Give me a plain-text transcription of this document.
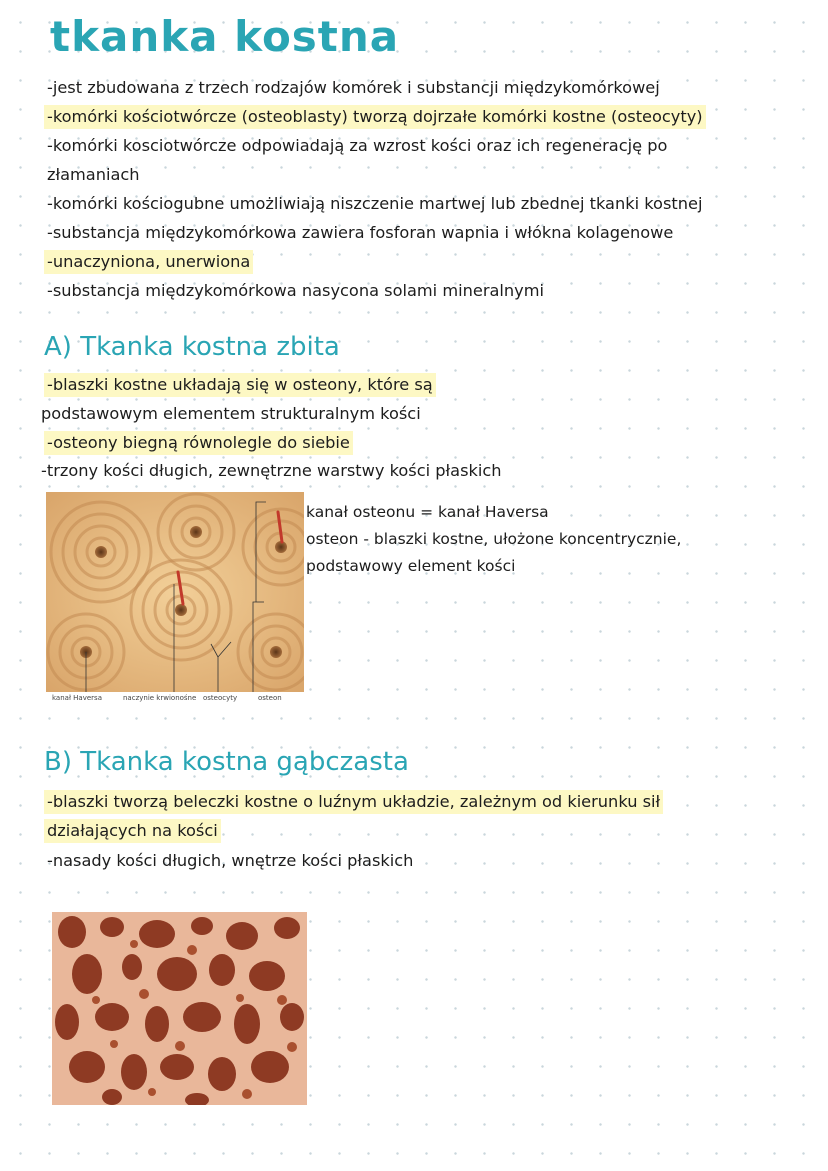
tkanka kostna
-jest zbudowana z trzech rodzajów komórek i substancji międzykomórkowej
-komórki kościotwórcze (osteoblasty) tworzą dojrzałe komórki kostne (osteocyty)
-komórki kosciotwórcze odpowiadają za wzrost kości oraz ich regenerację po
złamaniach
-komórki kościogubne umożliwiają niszczenie martwej lub zbednej tkanki kostnej
-substancja międzykomórkowa zawiera fosforan wapnia i włókna kolagenowe
-unaczyniona, unerwiona
-substancja międzykomórkowa nasycona solami mineralnymi
A) Tkanka kostna zbita
-blaszki kostne układają się w osteony, które są
podstawowym elementem strukturalnym kości
-osteony biegną równolegle do siebie
-trzony kości długich, zewnętrzne warstwy kości płaskich
kanał Haversa	naczynie krwionośne osteocyty	osteon
kanał osteonu = kanał Haversa
osteon - blaszki kostne, ułożone koncentrycznie,
podstawowy element kości
B) Tkanka kostna gąbczasta
-blaszki tworzą beleczki kostne o luźnym układzie, zależnym od kierunku sił
działających na kości
-nasady kości długich, wnętrze kości płaskich
